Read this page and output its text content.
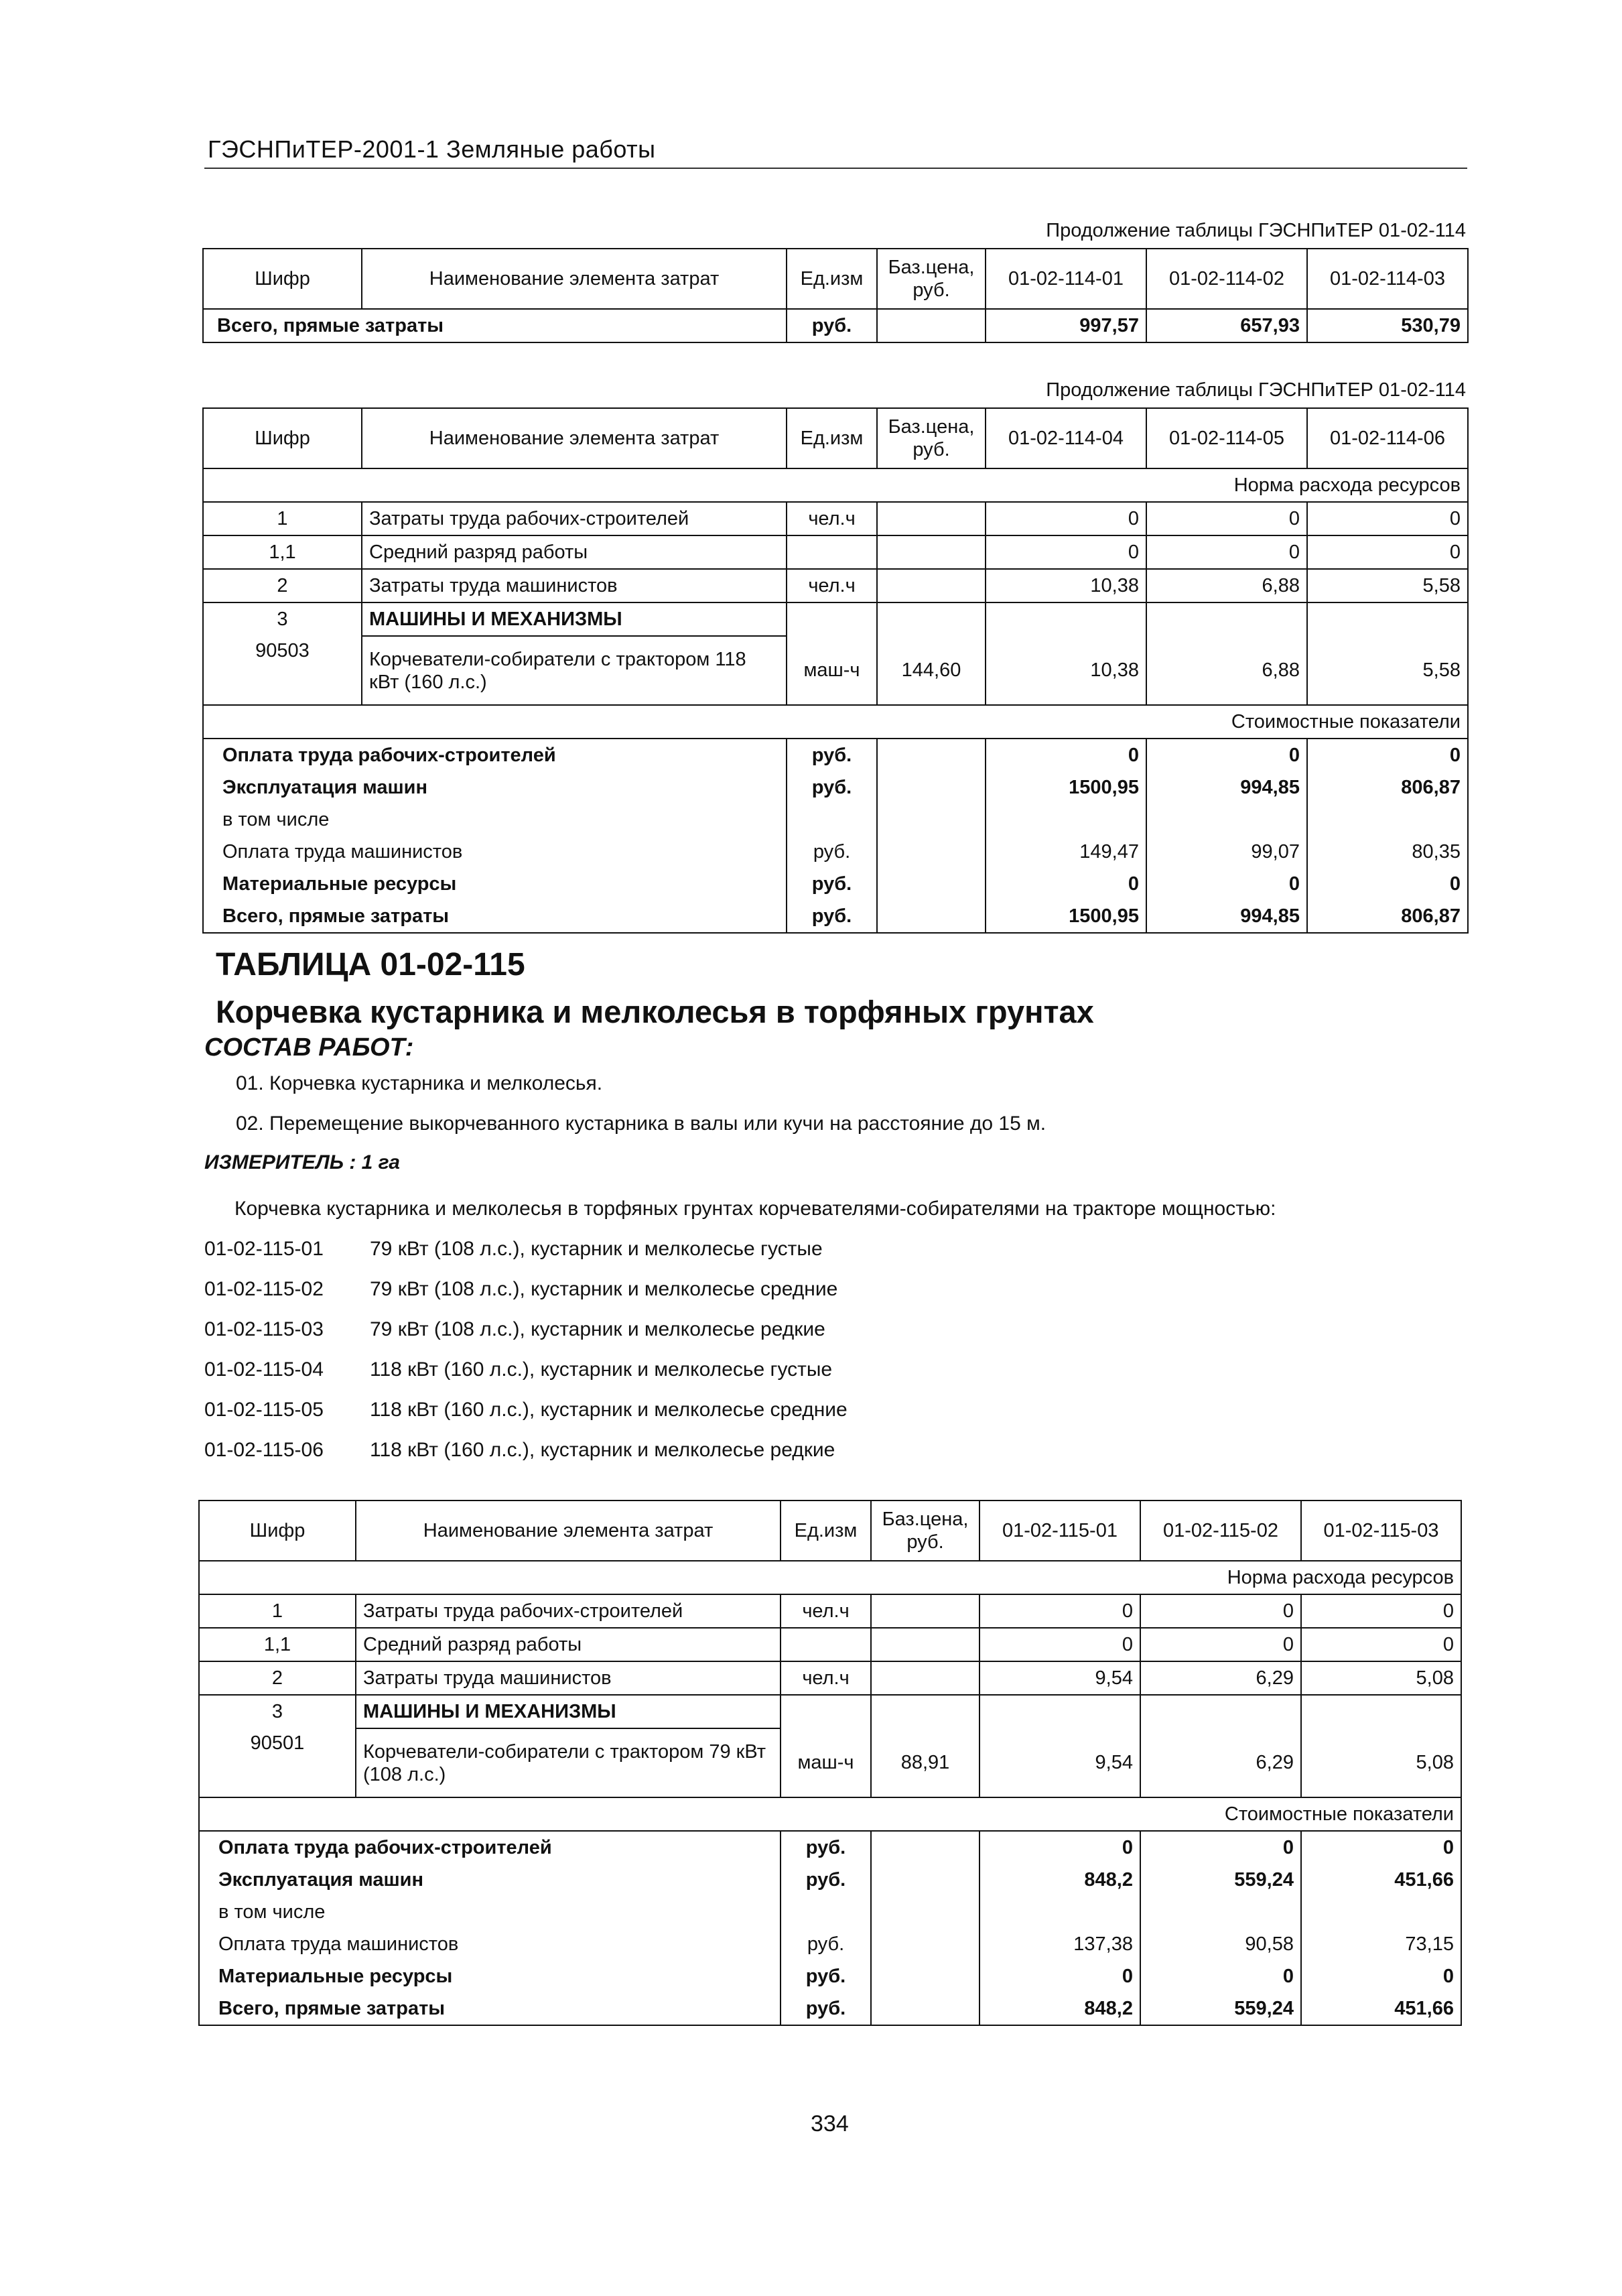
ГЭСНПиТЕР-2001-1 Земляные работы
Продолжение таблицы ГЭСНПиТЕР 01-02-114
Шифр	Наименование элемента затрат	Ед.изм	Баз.цена, руб.	01-02-114-01	01-02-114-02	01-02-114-03
Всего, прямые затраты		руб.		997,57	657,93	530,79
Продолжение таблицы ГЭСНПиТЕР 01-02-114
Шифр	Наименование элемента затрат	Ед.изм	Баз.цена, руб.	01-02-114-04	01-02-114-05	01-02-114-06
Норма расхода ресурсов						
1	Затраты труда рабочих-строителей	чел.ч		0	0	0
1,1	Средний разряд работы			0	0	0
2	Затраты труда машинистов	чел.ч		10,38	6,88	5,58
3	МАШИНЫ И МЕХАНИЗМЫ					
90503	Корчеватели-собиратели с трактором 118 кВт (160 л.с.)	маш-ч	144,60	10,38	6,88	5,58
Стоимостные показатели						
Оплата труда рабочих-строителей		руб.		0	0	0
Эксплуатация машин		руб.		1500,95	994,85	806,87
в том числе						
Оплата труда машинистов		руб.		149,47	99,07	80,35
Материальные ресурсы		руб.		0	0	0
Всего, прямые затраты		руб.		1500,95	994,85	806,87
ТАБЛИЦА 01-02-115
Корчевка кустарника и мелколесья в торфяных грунтах
СОСТАВ РАБОТ:
01. Корчевка кустарника и мелколесья.
02. Перемещение выкорчеванного кустарника в валы или кучи на расстояние до 15 м.
ИЗМЕРИТЕЛЬ : 1 га
Корчевка кустарника и мелколесья в торфяных грунтах корчевателями-собирателями на тракторе мощностью:
01-02-115-01 79 кВт (108 л.с.), кустарник и мелколесье густые
01-02-115-02 79 кВт (108 л.с.), кустарник и мелколесье средние
01-02-115-03 79 кВт (108 л.с.), кустарник и мелколесье редкие
01-02-115-04 118 кВт (160 л.с.), кустарник и мелколесье густые
01-02-115-05 118 кВт (160 л.с.), кустарник и мелколесье средние
01-02-115-06 118 кВт (160 л.с.), кустарник и мелколесье редкие
Шифр	Наименование элемента затрат	Ед.изм	Баз.цена, руб.	01-02-115-01	01-02-115-02	01-02-115-03
Норма расхода ресурсов						
1	Затраты труда рабочих-строителей	чел.ч		0	0	0
1,1	Средний разряд работы			0	0	0
2	Затраты труда машинистов	чел.ч		9,54	6,29	5,08
3	МАШИНЫ И МЕХАНИЗМЫ					
90501	Корчеватели-собиратели с трактором 79 кВт (108 л.с.)	маш-ч	88,91	9,54	6,29	5,08
Стоимостные показатели						
Оплата труда рабочих-строителей		руб.		0	0	0
Эксплуатация машин		руб.		848,2	559,24	451,66
в том числе						
Оплата труда машинистов		руб.		137,38	90,58	73,15
Материальные ресурсы		руб.		0	0	0
Всего, прямые затраты		руб.		848,2	559,24	451,66
334
